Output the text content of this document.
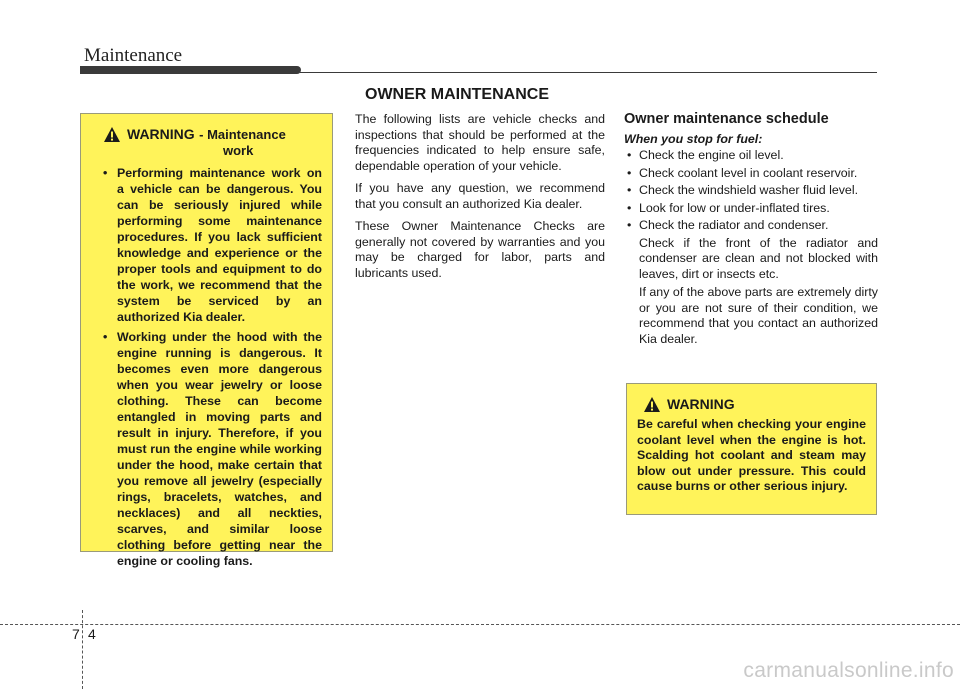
Maintenance
OWNER MAINTENANCE
WARNING - Maintenance
work
• Performing maintenance work on a vehicle can be dangerous. You can be seriously injured while performing some maintenance procedures. If you lack sufficient knowledge and experience or the proper tools and equipment to do the work, we recommend that the system be serviced by an authorized Kia dealer.
• Working under the hood with the engine running is dangerous. It becomes even more dangerous when you wear jewelry or loose clothing. These can become entangled in moving parts and result in injury. Therefore, if you must run the engine while working under the hood, make certain that you remove all jewelry (especially rings, bracelets, watches, and necklaces) and all neckties, scarves, and similar loose clothing before getting near the engine or cooling fans.

The following lists are vehicle checks and inspections that should be performed at the frequencies indicated to help ensure safe, dependable operation of your vehicle.

If you have any question, we recommend that you consult an authorized Kia dealer.

These Owner Maintenance Checks are generally not covered by warranties and you may be charged for labor, parts and lubricants used.

Owner maintenance schedule
When you stop for fuel:
• Check the engine oil level.
• Check coolant level in coolant reservoir.
• Check the windshield washer fluid level.
• Look for low or under-inflated tires.
• Check the radiator and condenser.

Check if the front of the radiator and condenser are clean and not blocked with leaves, dirt or insects etc.

If any of the above parts are extremely dirty or you are not sure of their condition, we recommend that you contact an authorized Kia dealer.

WARNING
Be careful when checking your engine coolant level when the engine is hot. Scalding hot coolant and steam may blow out under pressure. This could cause burns or other serious injury.
7 4
carmanualsonline.info
